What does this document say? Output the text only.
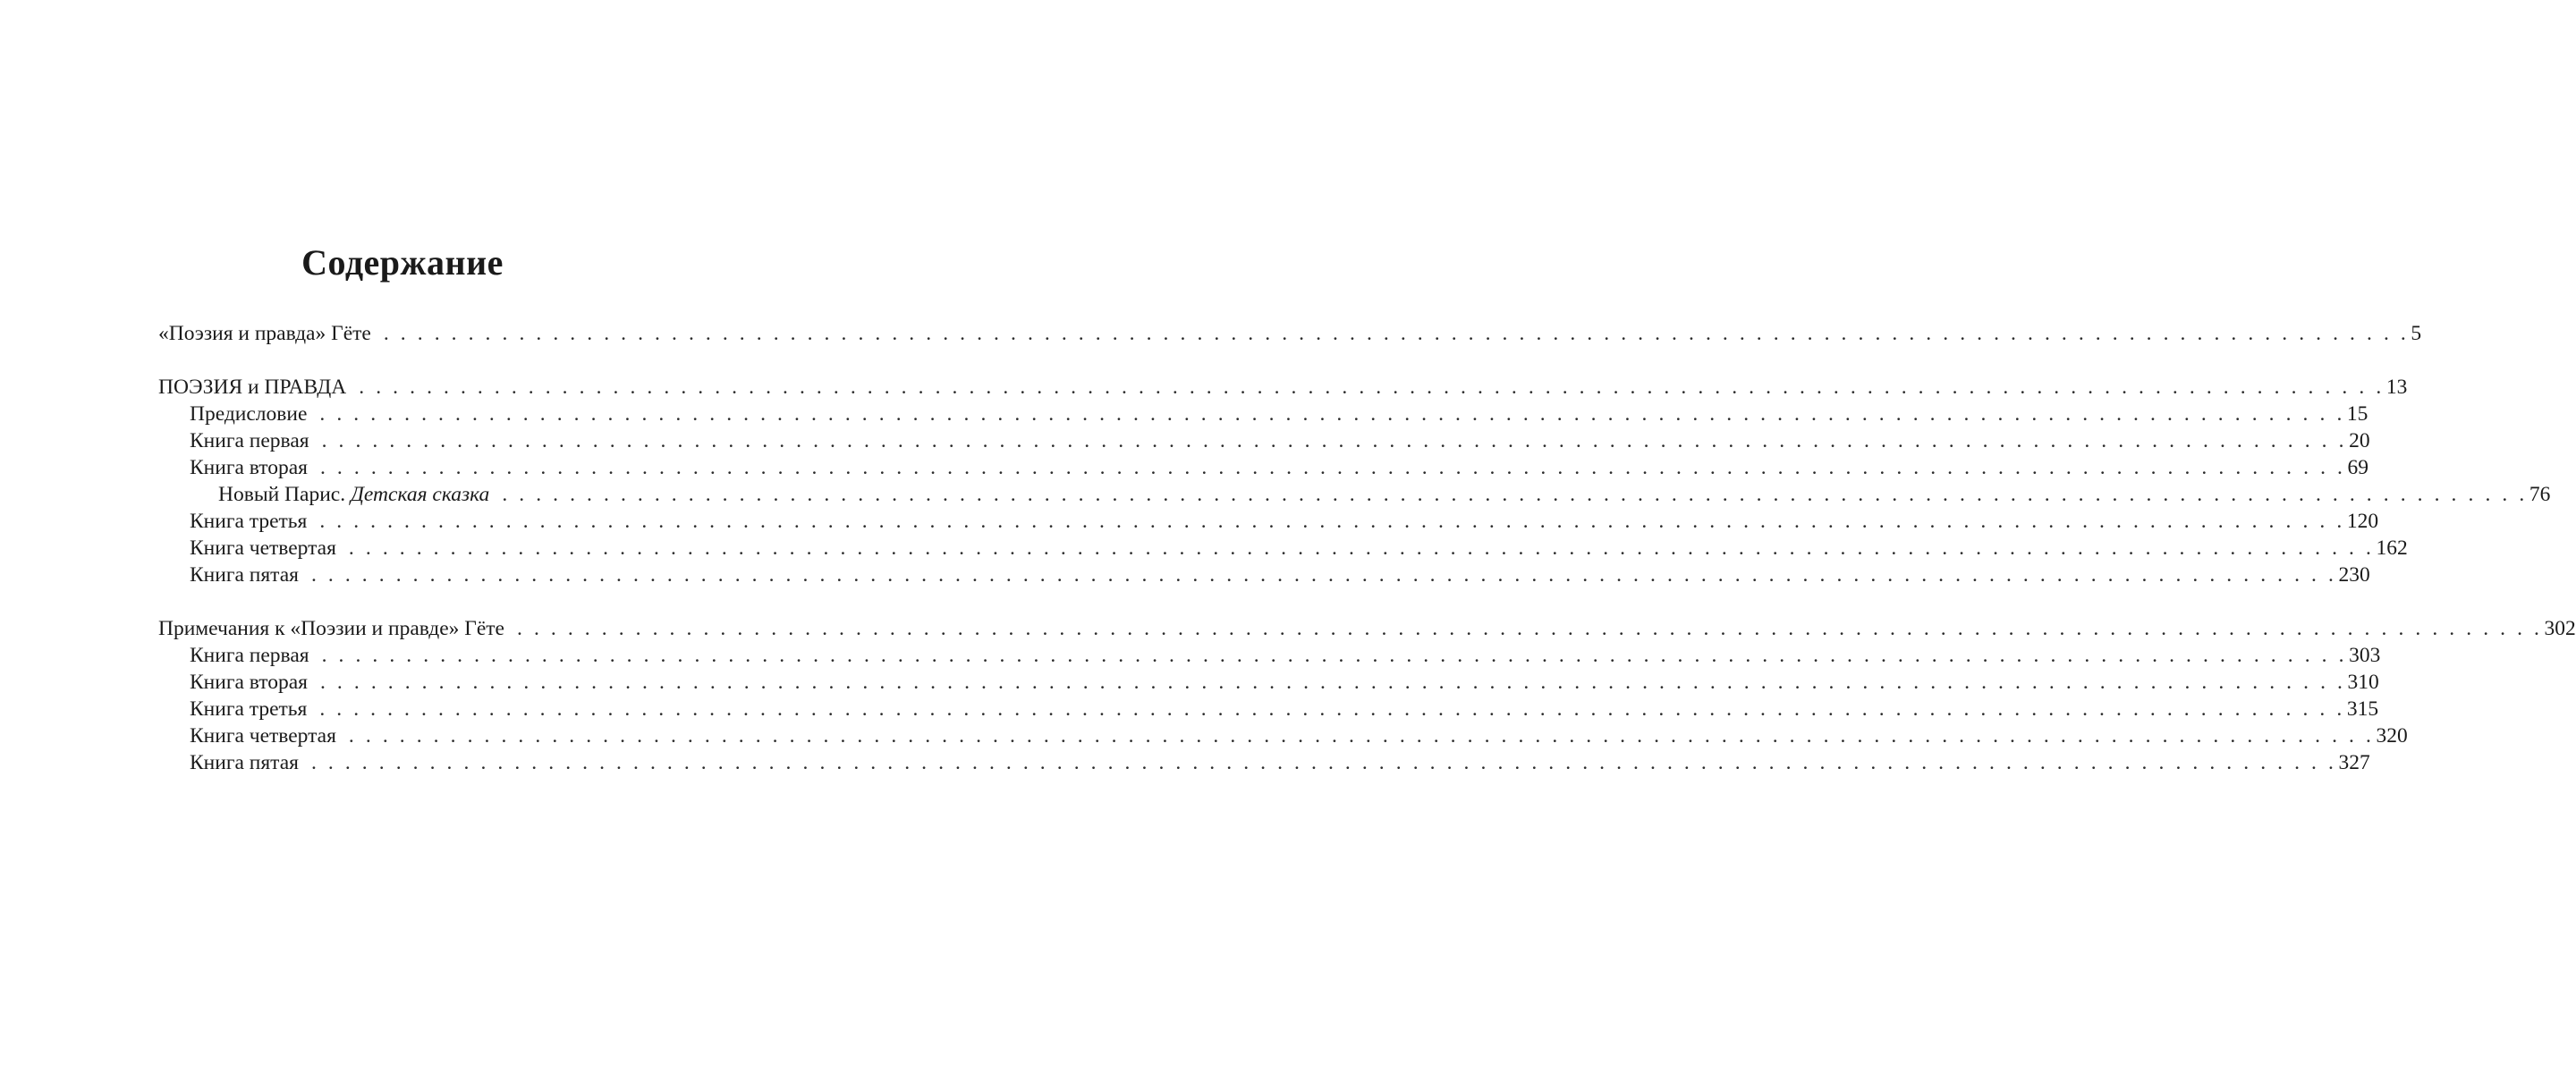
Содержание
«Поэзия и правда» Гёте . . . . . . . . . . . . . . . . . . . . . . . . . . . . . . . . . . . . . . . . . . . . . . . . . . . . . . . . . . . . . . . . . . . . . . . . . . . . . . . . . . . . . . . . . . . . . . . . . . . . . . . . . . . . . . . . . . . . . . . . 5
ПОЭЗИЯ и ПРАВДА . . . . . . . . . . . . . . . . . . . . . . . . . . . . . . . . . . . . . . . . . . . . . . . . . . . . . . . . . . . . . . . . . . . . . . . . . . . . . . . . . . . . . . . . . . . . . . . . . . . . . . . . . . . . . . . . . . . . . . . . 13
Предисловие . . . . . . . . . . . . . . . . . . . . . . . . . . . . . . . . . . . . . . . . . . . . . . . . . . . . . . . . . . . . . . . . . . . . . . . . . . . . . . . . . . . . . . . . . . . . . . . . . . . . . . . . . . . . . . . . . . . . . . . . 15
Книга первая . . . . . . . . . . . . . . . . . . . . . . . . . . . . . . . . . . . . . . . . . . . . . . . . . . . . . . . . . . . . . . . . . . . . . . . . . . . . . . . . . . . . . . . . . . . . . . . . . . . . . . . . . . . . . . . . . . . . . . . . 20
Книга вторая . . . . . . . . . . . . . . . . . . . . . . . . . . . . . . . . . . . . . . . . . . . . . . . . . . . . . . . . . . . . . . . . . . . . . . . . . . . . . . . . . . . . . . . . . . . . . . . . . . . . . . . . . . . . . . . . . . . . . . . . 69
Новый Парис. Детская сказка . . . . . . . . . . . . . . . . . . . . . . . . . . . . . . . . . . . . . . . . . . . . . . . . . . . . . . . . . . . . . . . . . . . . . . . . . . . . . . . . . . . . . . . . . . . . . . . . . . . . . . . . . . . . . . . . . . . . . . . . 76
Книга третья . . . . . . . . . . . . . . . . . . . . . . . . . . . . . . . . . . . . . . . . . . . . . . . . . . . . . . . . . . . . . . . . . . . . . . . . . . . . . . . . . . . . . . . . . . . . . . . . . . . . . . . . . . . . . . . . . . . . . . . . 120
Книга четвертая . . . . . . . . . . . . . . . . . . . . . . . . . . . . . . . . . . . . . . . . . . . . . . . . . . . . . . . . . . . . . . . . . . . . . . . . . . . . . . . . . . . . . . . . . . . . . . . . . . . . . . . . . . . . . . . . . . . . . . . . 162
Книга пятая . . . . . . . . . . . . . . . . . . . . . . . . . . . . . . . . . . . . . . . . . . . . . . . . . . . . . . . . . . . . . . . . . . . . . . . . . . . . . . . . . . . . . . . . . . . . . . . . . . . . . . . . . . . . . . . . . . . . . . . . 230
Примечания к «Поэзии и правде» Гёте . . . . . . . . . . . . . . . . . . . . . . . . . . . . . . . . . . . . . . . . . . . . . . . . . . . . . . . . . . . . . . . . . . . . . . . . . . . . . . . . . . . . . . . . . . . . . . . . . . . . . . . . . . . . . . . . . . . . . . . . 302
Книга первая . . . . . . . . . . . . . . . . . . . . . . . . . . . . . . . . . . . . . . . . . . . . . . . . . . . . . . . . . . . . . . . . . . . . . . . . . . . . . . . . . . . . . . . . . . . . . . . . . . . . . . . . . . . . . . . . . . . . . . . . 303
Книга вторая . . . . . . . . . . . . . . . . . . . . . . . . . . . . . . . . . . . . . . . . . . . . . . . . . . . . . . . . . . . . . . . . . . . . . . . . . . . . . . . . . . . . . . . . . . . . . . . . . . . . . . . . . . . . . . . . . . . . . . . . 310
Книга третья . . . . . . . . . . . . . . . . . . . . . . . . . . . . . . . . . . . . . . . . . . . . . . . . . . . . . . . . . . . . . . . . . . . . . . . . . . . . . . . . . . . . . . . . . . . . . . . . . . . . . . . . . . . . . . . . . . . . . . . . 315
Книга четвертая . . . . . . . . . . . . . . . . . . . . . . . . . . . . . . . . . . . . . . . . . . . . . . . . . . . . . . . . . . . . . . . . . . . . . . . . . . . . . . . . . . . . . . . . . . . . . . . . . . . . . . . . . . . . . . . . . . . . . . . . 320
Книга пятая . . . . . . . . . . . . . . . . . . . . . . . . . . . . . . . . . . . . . . . . . . . . . . . . . . . . . . . . . . . . . . . . . . . . . . . . . . . . . . . . . . . . . . . . . . . . . . . . . . . . . . . . . . . . . . . . . . . . . . . . 327
